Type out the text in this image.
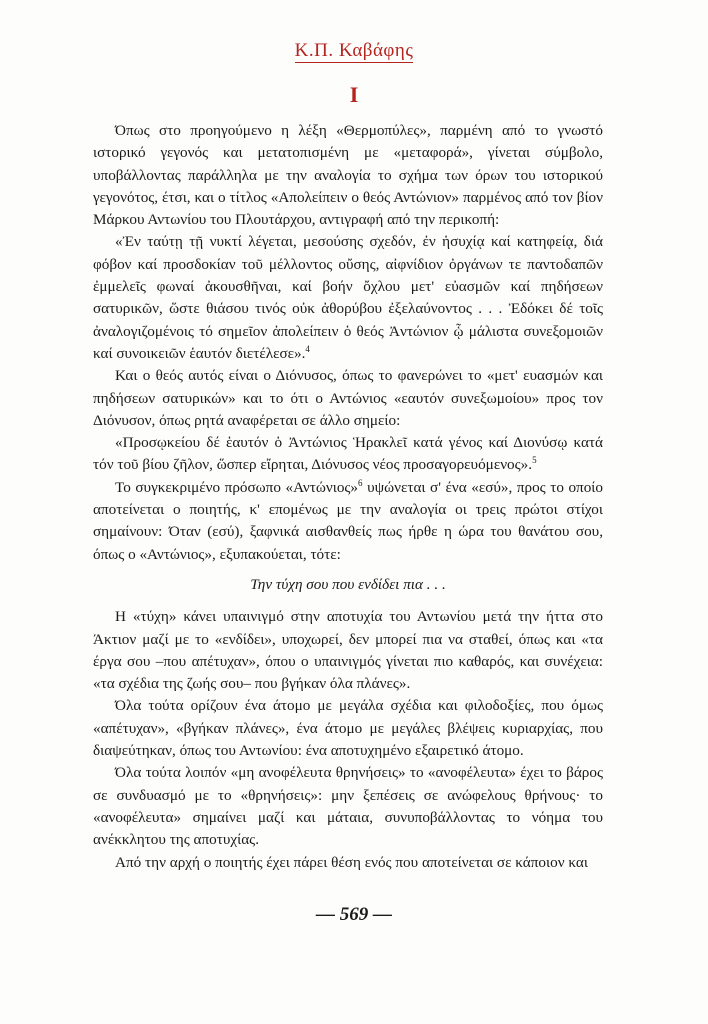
Κ.Π. Καβάφης
I

Όπως στο προηγούμενο η λέξη «Θερμοπύλες», παρμένη από το γνωστό ιστορικό γεγονός και μετατοπισμένη με «μεταφορά», γίνεται σύμβολο, υποβάλλοντας παράλληλα με την αναλογία το σχήμα των όρων του ιστορικού γεγονότος, έτσι, και ο τίτλος «Απολείπειν ο θεός Αντώνιον» παρμένος από τον βίον Μάρκου Αντωνίου του Πλουτάρχου, αντιγραφή από την περικοπή:

«Ἐν ταύτῃ τῇ νυκτί λέγεται, μεσούσης σχεδόν, ἐν ἡσυχίᾳ καί κατηφείᾳ, διά φόβον καί προσδοκίαν τοῦ μέλλοντος οὔσης, αἰφνίδιον ὀργάνων τε παντοδαπῶν ἐμμελεῖς φωναί ἀκουσθῆναι, καί βοήν ὄχλου μετ' εὐασμῶν καί πηδήσεων σατυρικῶν, ὥστε θιάσου τινός οὐκ ἀθορύβου ἐξελαύνοντος . . . Ἐδόκει δέ τοῖς ἀναλογιζομένοις τό σημεῖον ἀπολείπειν ὁ θεός Ἀντώνιον ᾧ μάλιστα συνεξομοιῶν καί συνοικειῶν ἑαυτόν διετέλεσε».$^4$

Και ο θεός αυτός είναι ο Διόνυσος, όπως το φανερώνει το «μετ' ευασμών και πηδήσεων σατυρικών» και το ότι ο Αντώνιος «εαυτόν συνεξωμοίου» προς τον Διόνυσον, όπως ρητά αναφέρεται σε άλλο σημείο:

«Προσῳκείου δέ ἑαυτόν ὁ Ἀντώνιος Ἡρακλεῖ κατά γένος καί Διονύσῳ κατά τόν τοῦ βίου ζῆλον, ὥσπερ εἴρηται, Διόνυσος νέος προσαγορευόμενος».$^5$

Το συγκεκριμένο πρόσωπο «Αντώνιος»$^6$ υψώνεται σ' ένα «εσύ», προς το οποίο αποτείνεται ο ποιητής, κ' επομένως με την αναλογία οι τρεις πρώτοι στίχοι σημαίνουν: Όταν (εσύ), ξαφνικά αισθανθείς πως ήρθε η ώρα του θανάτου σου, όπως ο «Αντώνιος», εξυπακούεται, τότε:

Την τύχη σου που ενδίδει πια . . .

Η «τύχη» κάνει υπαινιγμό στην αποτυχία του Αντωνίου μετά την ήττα στο Άκτιον μαζί με το «ενδίδει», υποχωρεί, δεν μπορεί πια να σταθεί, όπως και «τα έργα σου –που απέτυχαν», όπου ο υπαινιγμός γίνεται πιο καθαρός, και συνέχεια: «τα σχέδια της ζωής σου– που βγήκαν όλα πλάνες».

Όλα τούτα ορίζουν ένα άτομο με μεγάλα σχέδια και φιλοδοξίες, που όμως «απέτυχαν», «βγήκαν πλάνες», ένα άτομο με μεγάλες βλέψεις κυριαρχίας, που διαψεύτηκαν, όπως του Αντωνίου: ένα αποτυχημένο εξαιρετικό άτομο.

Όλα τούτα λοιπόν «μη ανοφέλευτα θρηνήσεις» το «ανοφέλευτα» έχει το βάρος σε συνδυασμό με το «θρηνήσεις»: μην ξεπέσεις σε ανώφελους θρήνους· το «ανοφέλευτα» σημαίνει μαζί και μάταια, συνυποβάλλοντας το νόημα του ανέκκλητου της αποτυχίας.

Από την αρχή ο ποιητής έχει πάρει θέση ενός που αποτείνεται σε κάποιον και

— 569 —
